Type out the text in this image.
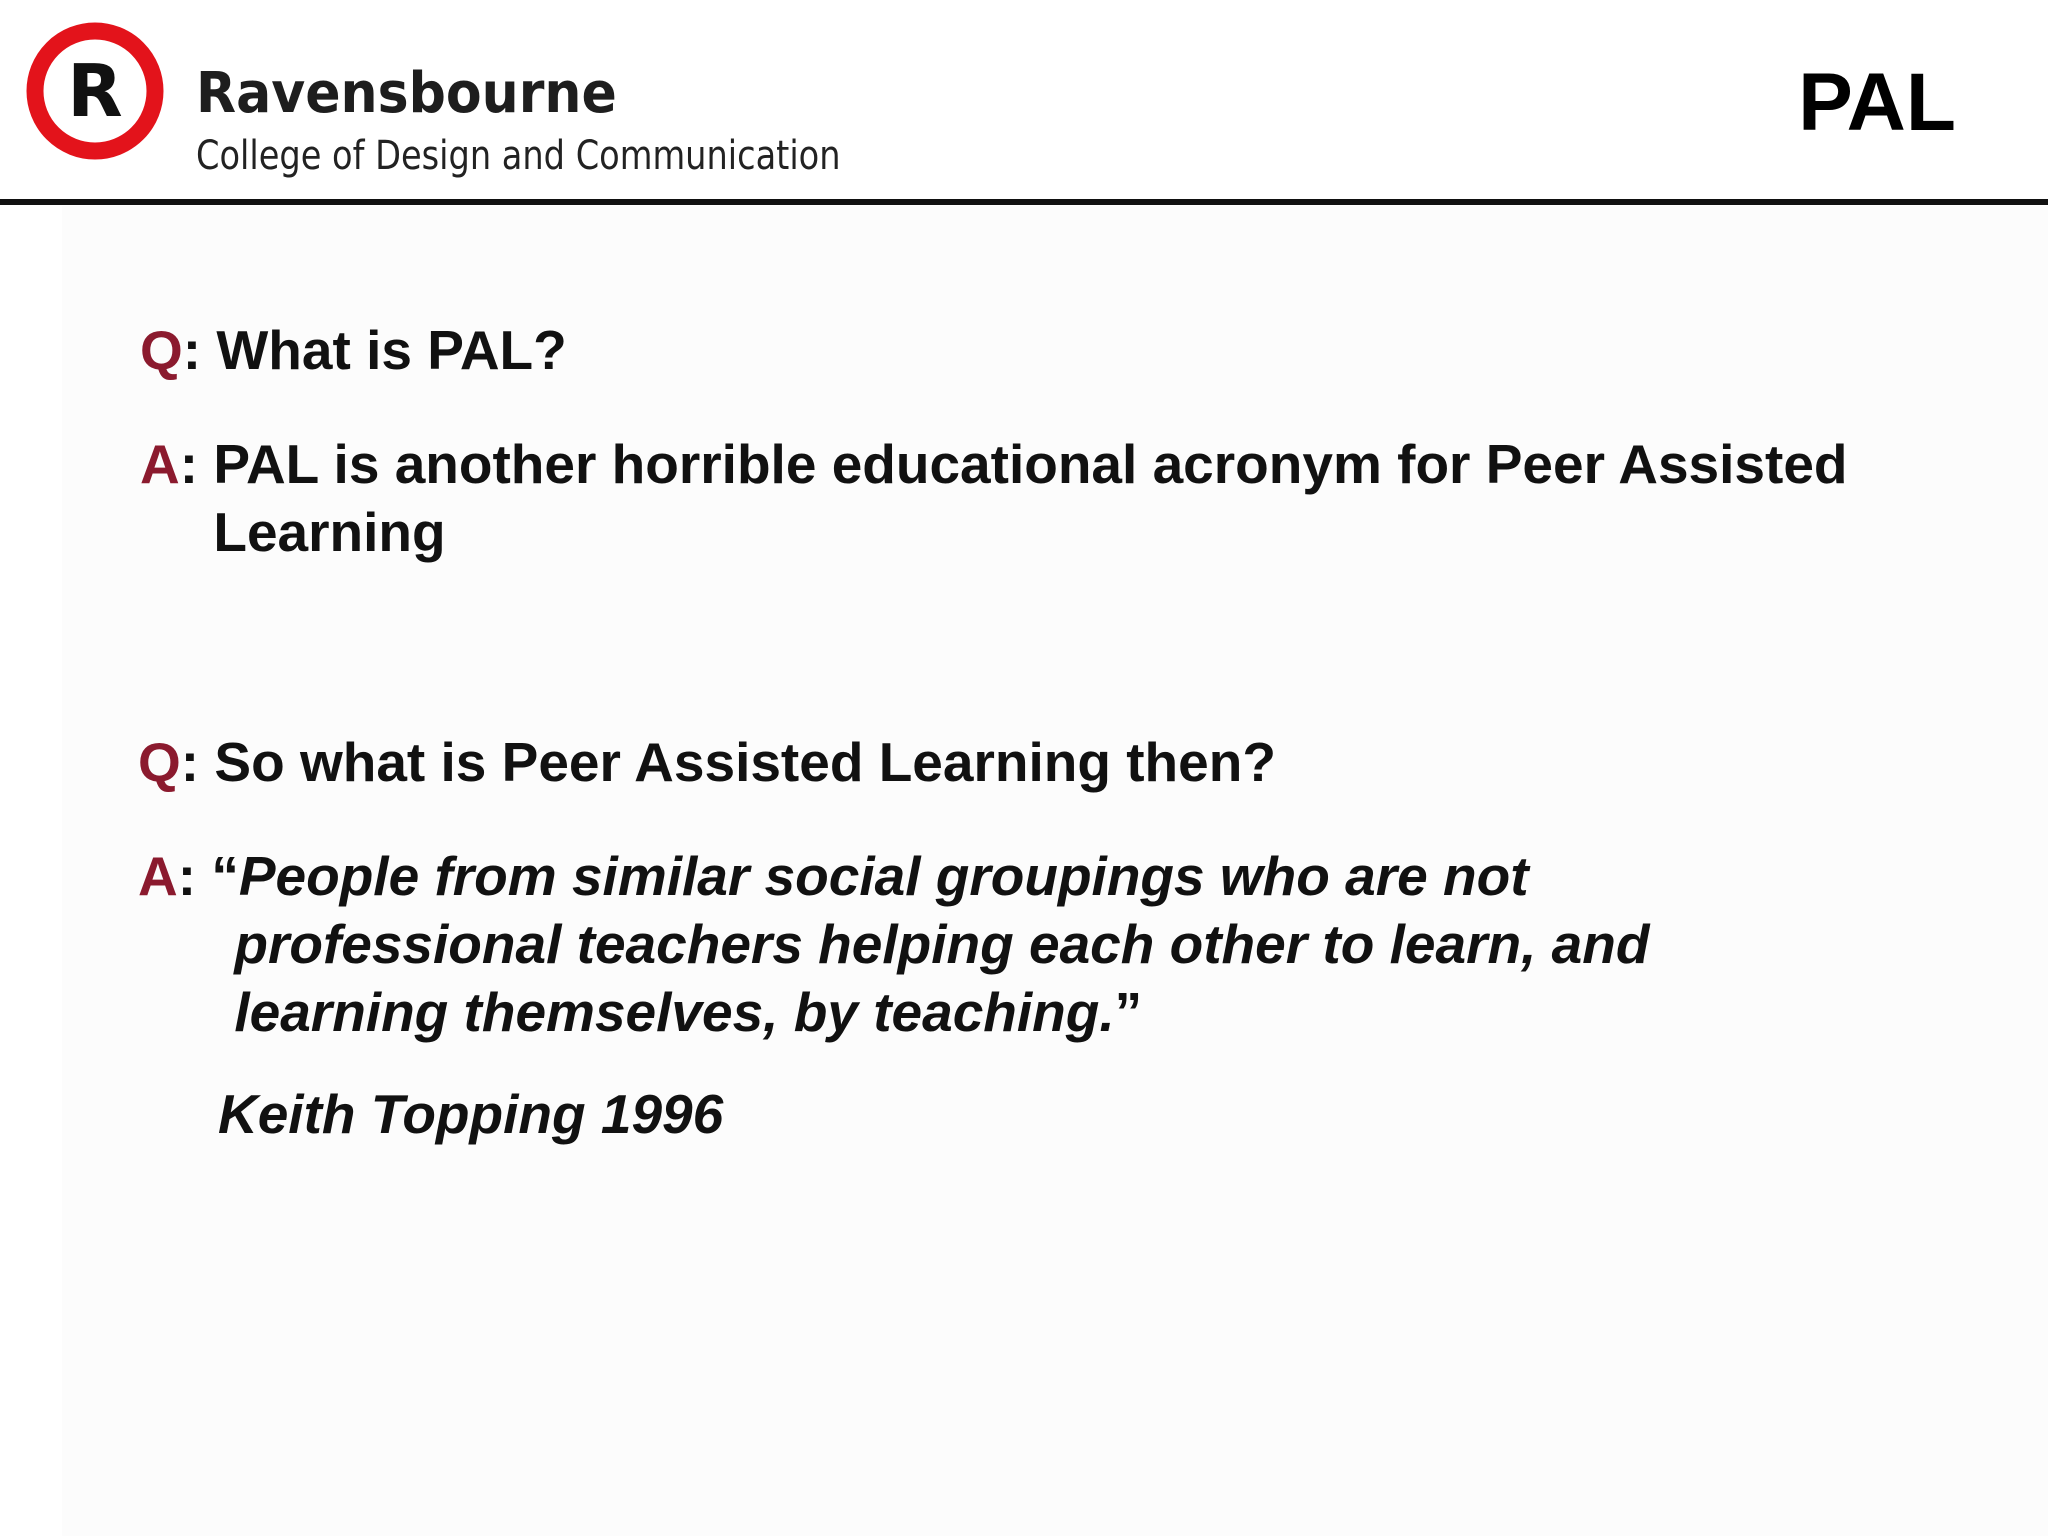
R Ravensbourne
College of Design and Communication
PAL
Q: What is PAL?
A: PAL is another horrible educational acronym for Peer Assisted
Learning
Q: So what is Peer Assisted Learning then?
A: “People from similar social groupings who are not
professional teachers helping each other to learn, and
learning themselves, by teaching.”
Keith Topping 1996
